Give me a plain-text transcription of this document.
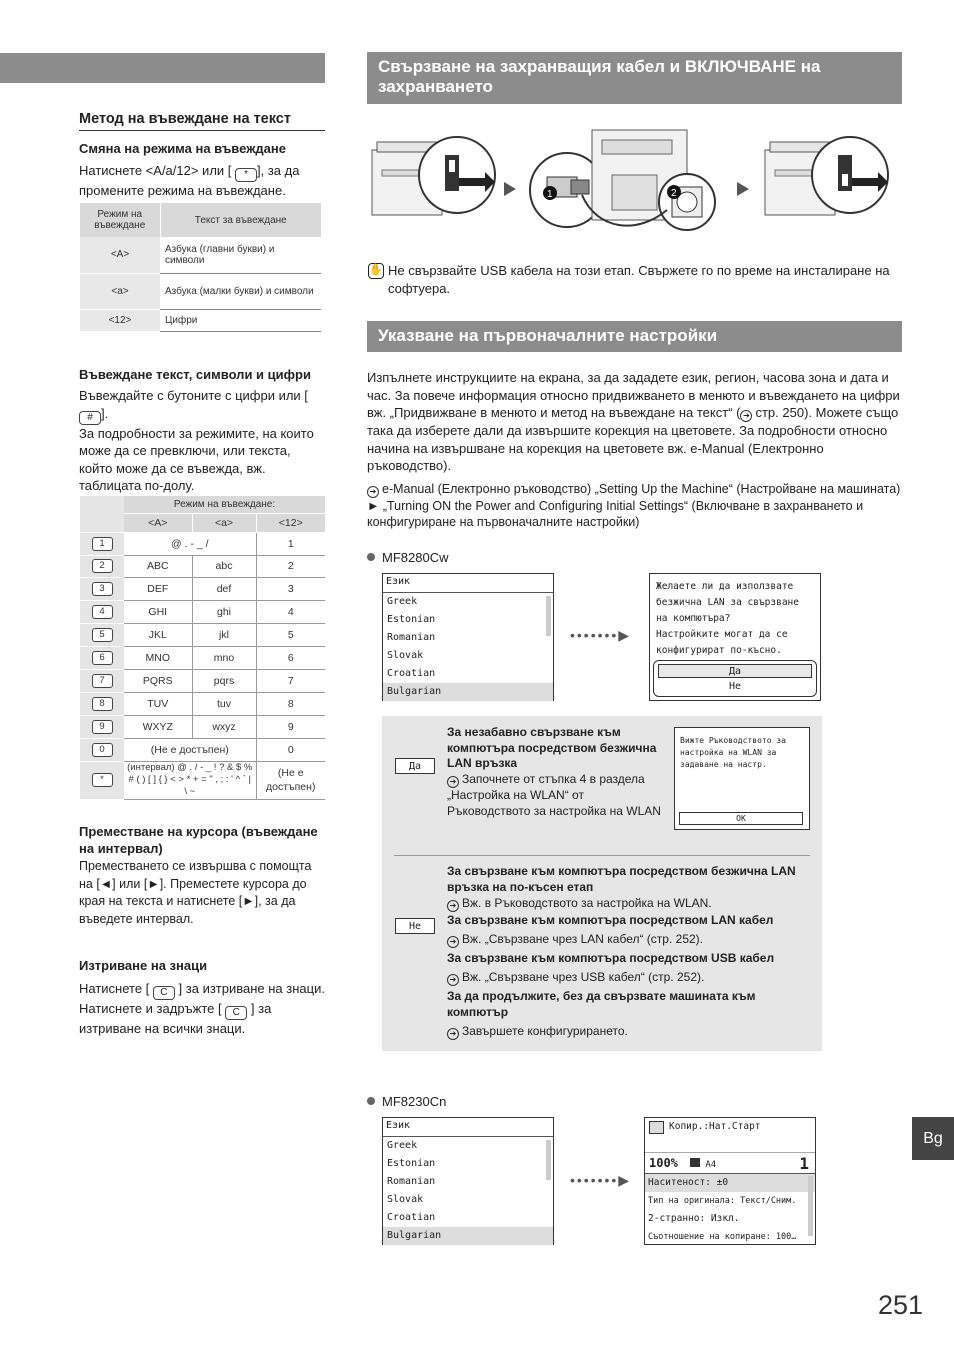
Метод на въвеждане на текст
Смяна на режима на въвеждане
Натиснете <A/a/12> или [ * ], за да промените режима на въвеждане.
Режим на въвеждане	Текст за въвеждане
<A>	Азбука (главни букви) и символи
<a>	Азбука (малки букви) и символи
<12>	Цифри
Въвеждане текст, символи и цифри
Въвеждайте с бутоните с цифри или [ # ].
За подробности за режимите, на които може да се превключи, или текста, който може да се въвежда, вж. таблицата по-долу.
	Режим на въвеждане:		
	<A>	<a>	<12>
1	@ . - _ /		1
2	ABC	abc	2
3	DEF	def	3
4	GHI	ghi	4
5	JKL	jkl	5
6	MNO	mno	6
7	PQRS	pqrs	7
8	TUV	tuv	8
9	WXYZ	wxyz	9
0	(Не е достъпен)		0
*	(интервал) @ . / - _ ! ? & $ % # ( ) [ ] { } < > * + = " , ; : ' ^ ` | \ ~		(Не е достъпен)
Преместване на курсора (въвеждане на интервал)
Преместването се извършва с помощта на [◄] или [►]. Преместете курсора до края на текста и натиснете [►], за да въведете интервал.
Изтриване на знаци
Натиснете [ C ] за изтриване на знаци. Натиснете и задръжте [ C ] за изтриване на всички знаци.
Свързване на захранващия кабел и ВКЛЮЧВАНЕ на захранването
1	2
✋ Не свързвайте USB кабела на този етап. Свържете го по време на инсталиране на софтуера.
Указване на първоначалните настройки
Изпълнете инструкциите на екрана, за да зададете език, регион, часова зона и дата и час. За повече информация относно придвижването в менюто и въвеждането на цифри вж. „Придвижване в менюто и метод на въвеждане на текст“ ( ➔ стр. 250). Можете също така да изберете дали да извършите корекция на цветовете. За подробности относно начина на извършване на корекция на цветовете вж. e-Manual (Електронно ръководство).
➔ e-Manual (Електронно ръководство) „Setting Up the Machine“ (Настройване на машината) ► „Turning ON the Power and Configuring Initial Settings“ (Включване в захранването и конфигуриране на първоначалните настройки)
MF8280Cw
Език
Greek
Estonian
Romanian
Slovak
Croatian
Bulgarian
•••••••▶
Желаете ли да използвате
безжична LAN за свързване
на компютъра?
Настройките могат да се
конфигурират по-късно.
Да
Не
Да
За незабавно свързване към компютъра посредством безжична LAN връзка
➔ Започнете от стъпка 4 в раздела „Настройка на WLAN“ от Ръководството за настройка на WLAN
Вижте Ръководството за настройка на WLAN за задаване на настр.
OK
Не
За свързване към компютъра посредством безжична LAN връзка на по-късен етап
➔ Вж. в Ръководството за настройка на WLAN.
За свързване към компютъра посредством LAN кабел
➔ Вж. „Свързване чрез LAN кабел“ (стр. 252).
За свързване към компютъра посредством USB кабел
➔ Вж. „Свързване чрез USB кабел“ (стр. 252).
За да продължите, без да свързвате машината към компютър
➔ Завършете конфигурирането.
MF8230Cn
Език
Greek
Estonian
Romanian
Slovak
Croatian
Bulgarian
•••••••▶
Копир.:Нат.Старт
100%	A4	1
Наситеност: ±0
Тип на оригинала: Текст/Сним.
2-странно: Изкл.
Съотношение на копиране: 100…
Bg
251
